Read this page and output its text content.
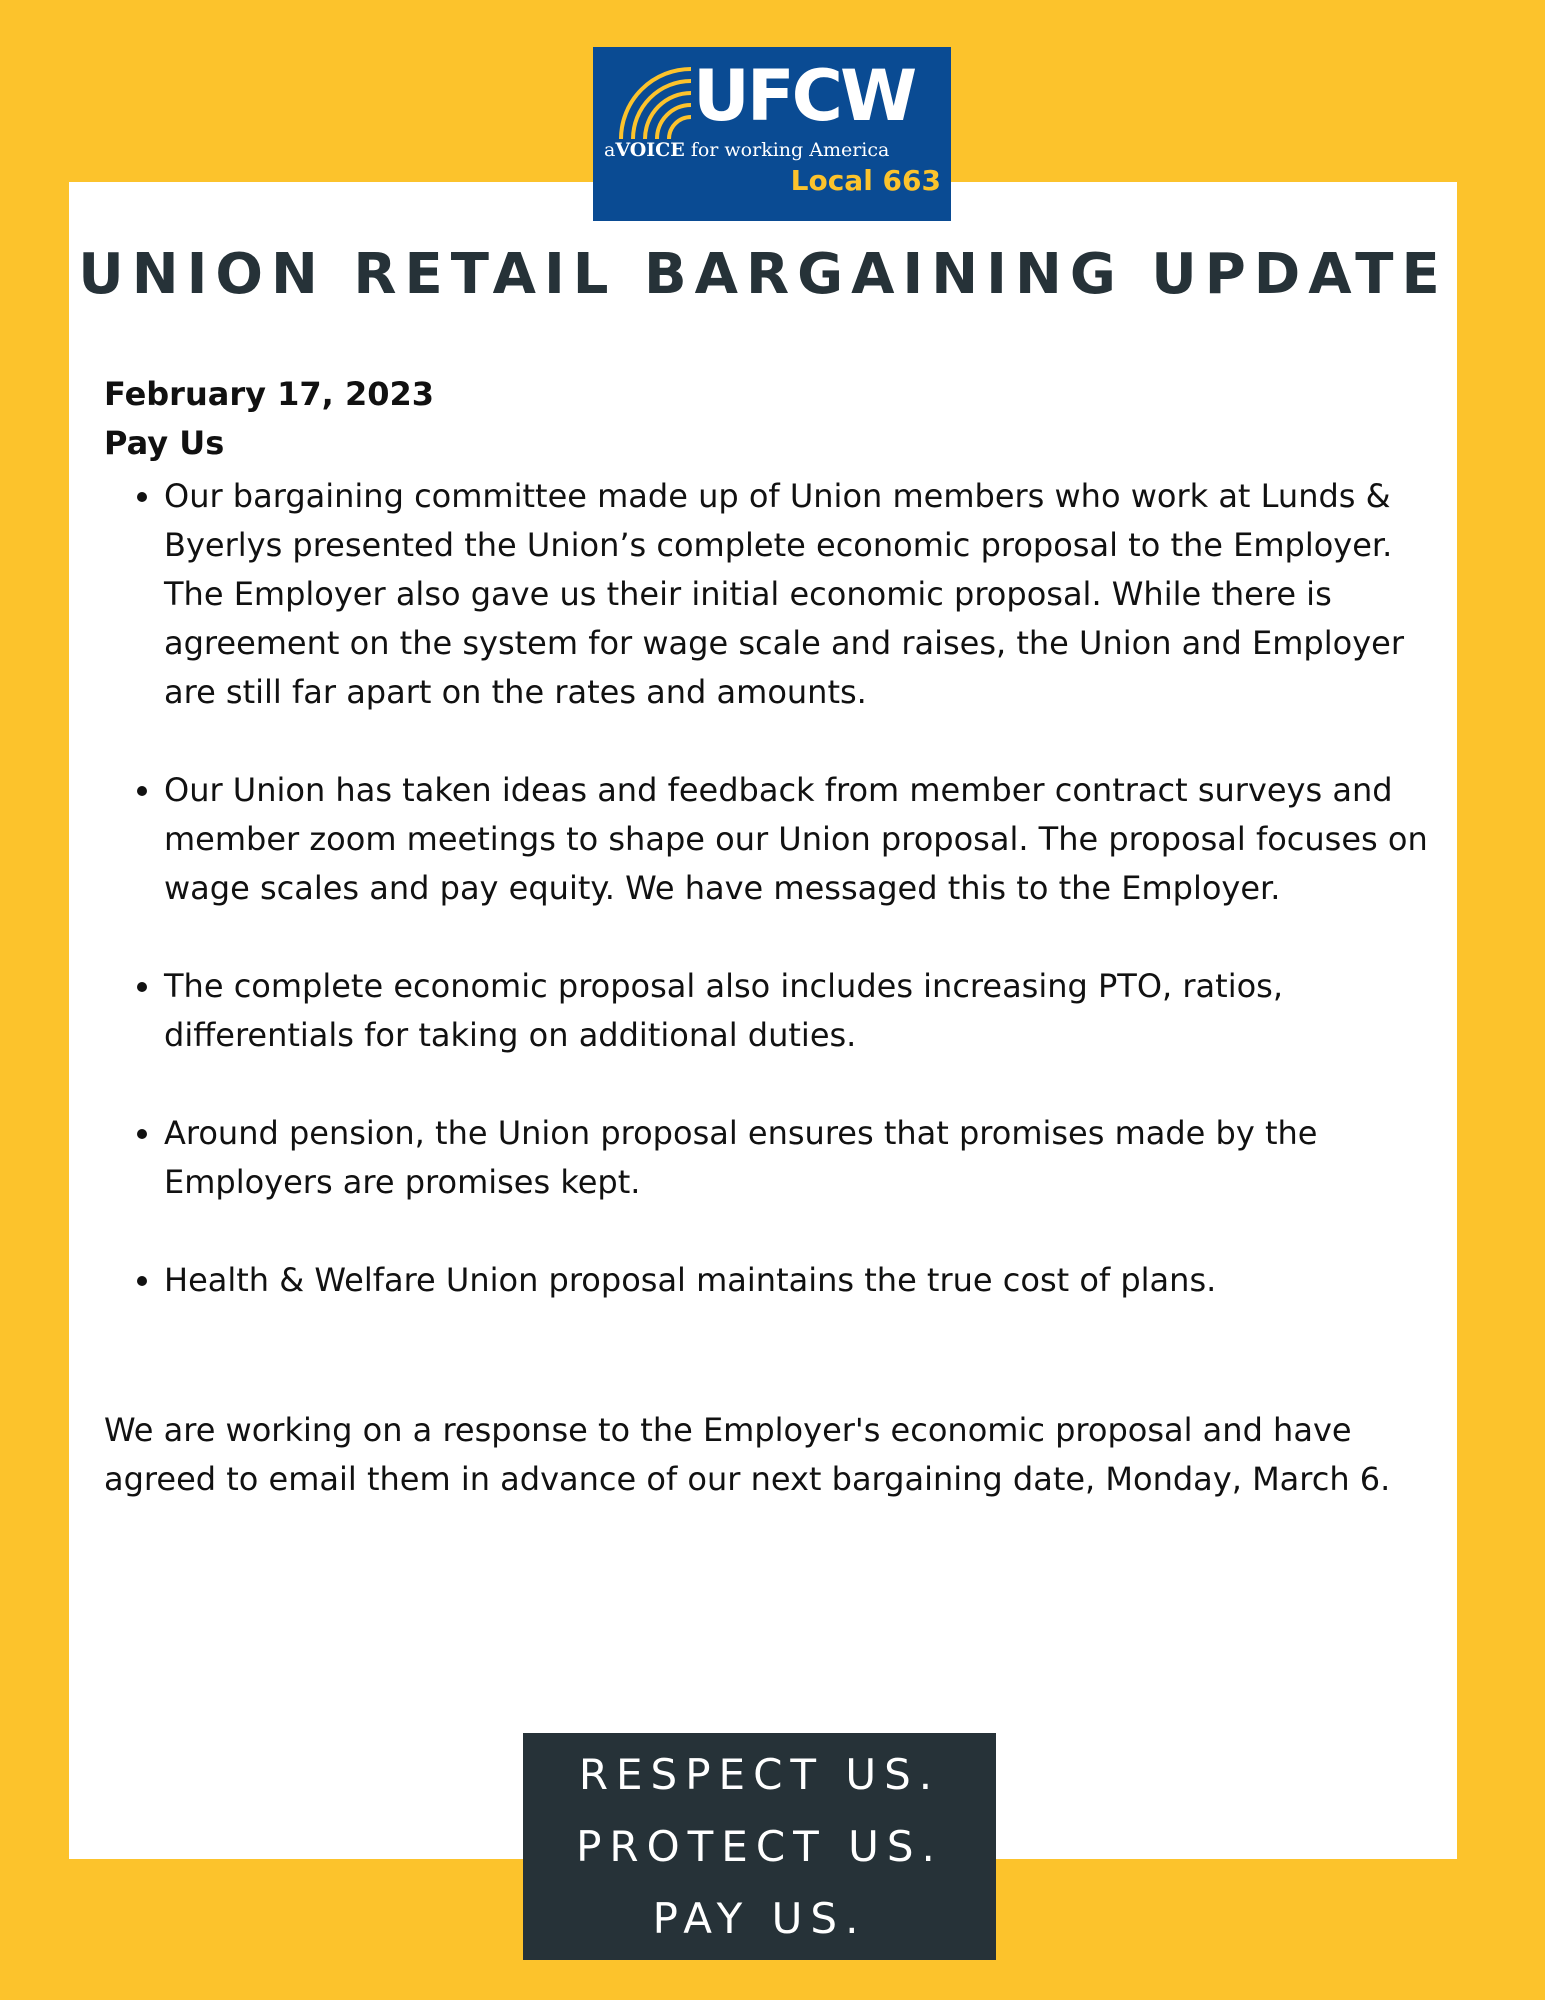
UFCW
aVOICE for working America
Local 663
UNION RETAIL BARGAINING UPDATE
February 17, 2023
Pay Us
• Our bargaining committee made up of Union members who work at Lunds & Byerlys presented the Union’s complete economic proposal to the Employer. The Employer also gave us their initial economic proposal. While there is agreement on the system for wage scale and raises, the Union and Employer are still far apart on the rates and amounts.
• Our Union has taken ideas and feedback from member contract surveys and member zoom meetings to shape our Union proposal. The proposal focuses on wage scales and pay equity. We have messaged this to the Employer.
• The complete economic proposal also includes increasing PTO, ratios, differentials for taking on additional duties.
• Around pension, the Union proposal ensures that promises made by the Employers are promises kept.
• Health & Welfare Union proposal maintains the true cost of plans.

We are working on a response to the Employer's economic proposal and have agreed to email them in advance of our next bargaining date, Monday, March 6.

RESPECT US.
PROTECT US.
PAY US.
